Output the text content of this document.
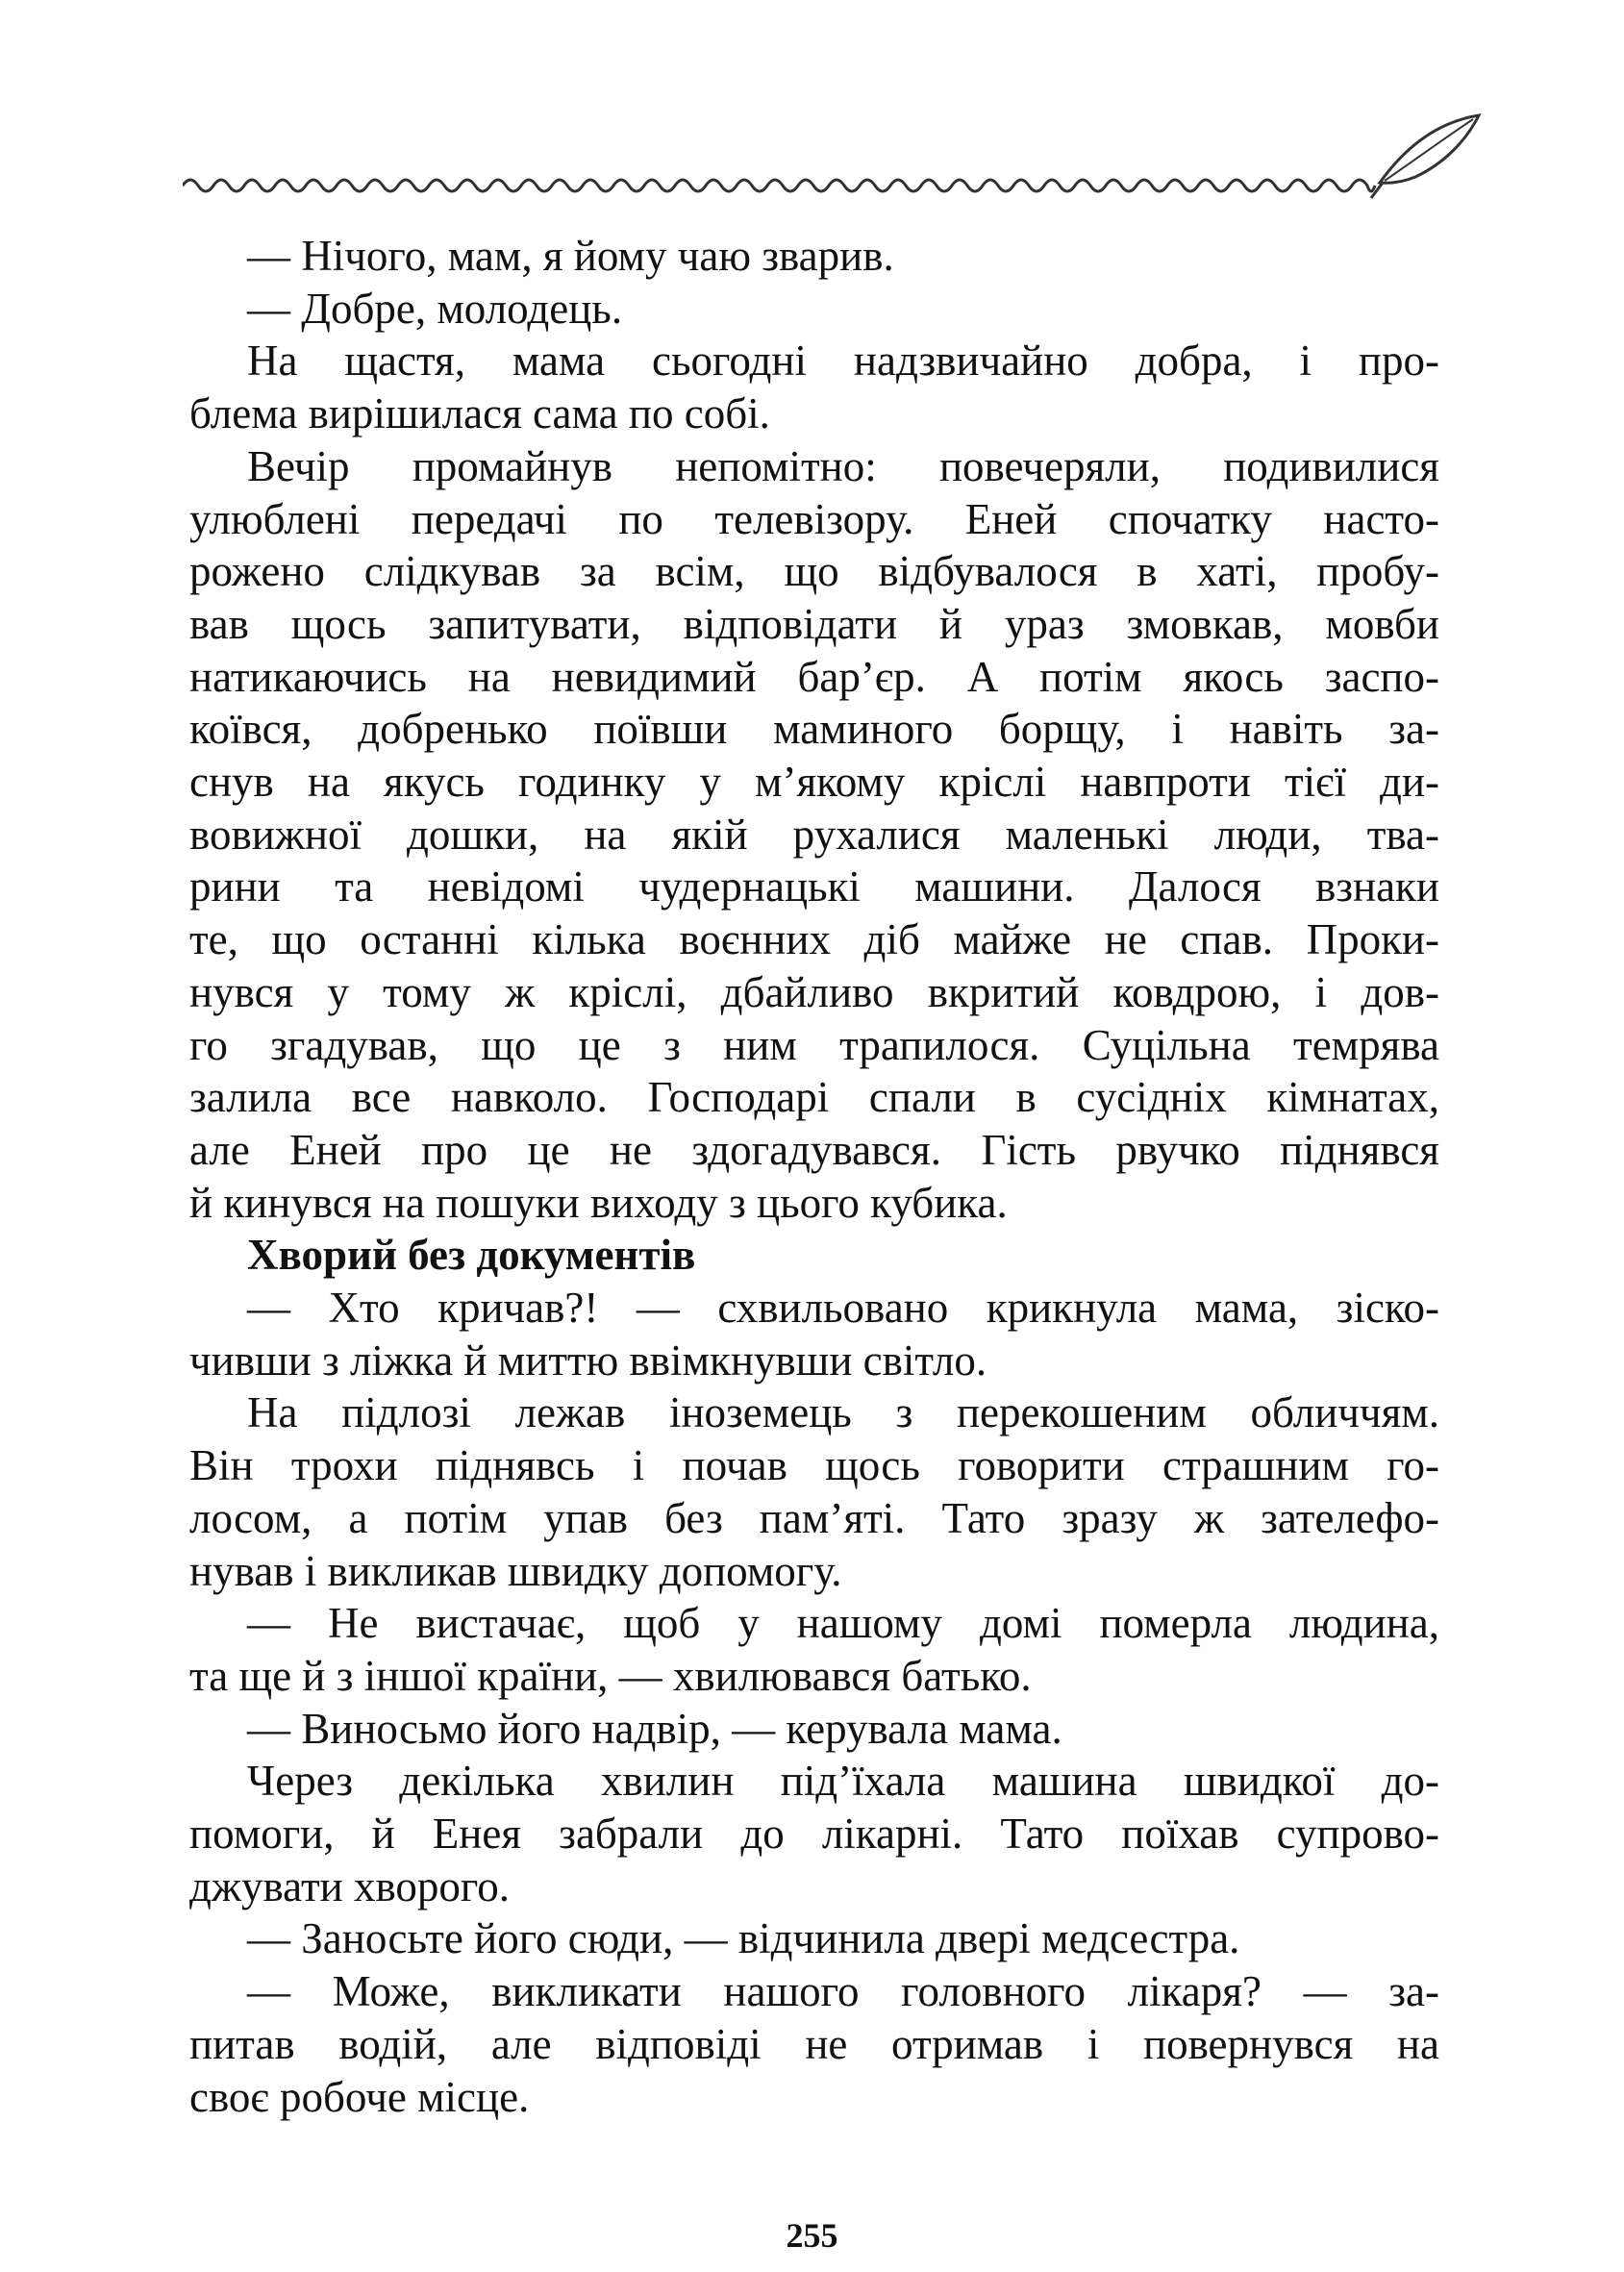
— Нічого, мам, я йому чаю зварив.
— Добре, молодець.
На щастя, мама сьогодні надзвичайно добра, і про-
блема вирішилася сама по собі.
Вечір промайнув непомітно: повечеряли, подивилися
улюблені передачі по телевізору. Еней спочатку насто-
рожено слідкував за всім, що відбувалося в хаті, пробу-
вав щось запитувати, відповідати й ураз змовкав, мовби
натикаючись на невидимий бар’єр. А потім якось заспо-
коївся, добренько поївши маминого борщу, і навіть за-
снув на якусь годинку у м’якому кріслі навпроти тієї ди-
вовижної дошки, на якій рухалися маленькі люди, тва-
рини та невідомі чудернацькі машини. Далося взнаки
те, що останні кілька воєнних діб майже не спав. Проки-
нувся у тому ж кріслі, дбайливо вкритий ковдрою, і дов-
го згадував, що це з ним трапилося. Суцільна темрява
залила все навколо. Господарі спали в сусідніх кімнатах,
але Еней про це не здогадувався. Гість рвучко піднявся
й кинувся на пошуки виходу з цього кубика.
Хворий без документів
— Хто кричав?! — схвильовано крикнула мама, зіско-
чивши з ліжка й миттю ввімкнувши світло.
На підлозі лежав іноземець з перекошеним обличчям.
Він трохи піднявсь і почав щось говорити страшним го-
лосом, а потім упав без пам’яті. Тато зразу ж зателефо-
нував і викликав швидку допомогу.
— Не вистачає, щоб у нашому домі померла людина,
та ще й з іншої країни, — хвилювався батько.
— Виносьмо його надвір, — керувала мама.
Через декілька хвилин під’їхала машина швидкої до-
помоги, й Енея забрали до лікарні. Тато поїхав супрово-
джувати хворого.
— Заносьте його сюди, — відчинила двері медсестра.
— Може, викликати нашого головного лікаря? — за-
питав водій, але відповіді не отримав і повернувся на
своє робоче місце.
255
